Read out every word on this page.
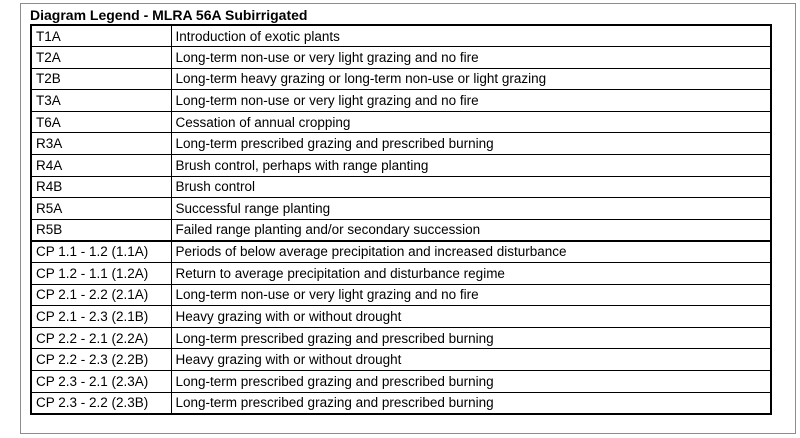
Diagram Legend - MLRA 56A Subirrigated
T1A	Introduction of exotic plants
T2A	Long-term non-use or very light grazing and no fire
T2B	Long-term heavy grazing or long-term non-use or light grazing
T3A	Long-term non-use or very light grazing and no fire
T6A	Cessation of annual cropping
R3A	Long-term prescribed grazing and prescribed burning
R4A	Brush control, perhaps with range planting
R4B	Brush control
R5A	Successful range planting
R5B	Failed range planting and/or secondary succession
CP 1.1 - 1.2 (1.1A)	Periods of below average precipitation and increased disturbance
CP 1.2 - 1.1 (1.2A)	Return to average precipitation and disturbance regime
CP 2.1 - 2.2 (2.1A)	Long-term non-use or very light grazing and no fire
CP 2.1 - 2.3 (2.1B)	Heavy grazing with or without drought
CP 2.2 - 2.1 (2.2A)	Long-term prescribed grazing and prescribed burning
CP 2.2 - 2.3 (2.2B)	Heavy grazing with or without drought
CP 2.3 - 2.1 (2.3A)	Long-term prescribed grazing and prescribed burning
CP 2.3 - 2.2 (2.3B)	Long-term prescribed grazing and prescribed burning
